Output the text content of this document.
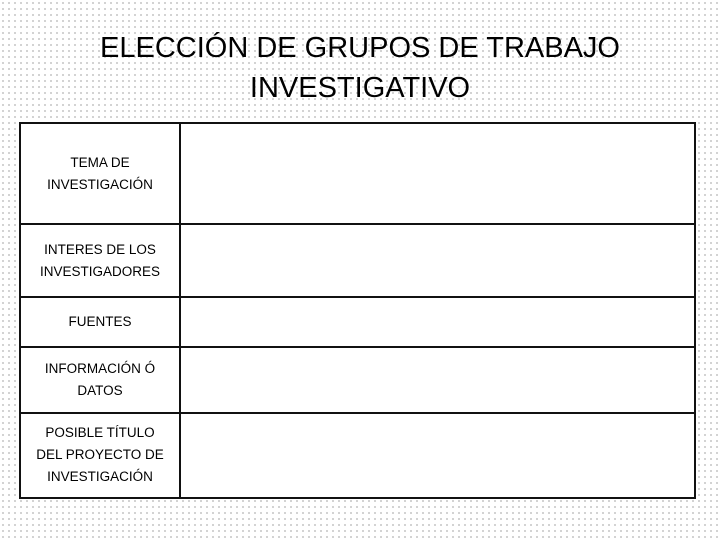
ELECCIÓN DE GRUPOS DE TRABAJO
INVESTIGATIVO
TEMA DE
INVESTIGACIÓN	

INTERES DE LOS
INVESTIGADORES	

FUENTES	

INFORMACIÓN Ó
DATOS	

POSIBLE TÍTULO
DEL PROYECTO DE
INVESTIGACIÓN	
